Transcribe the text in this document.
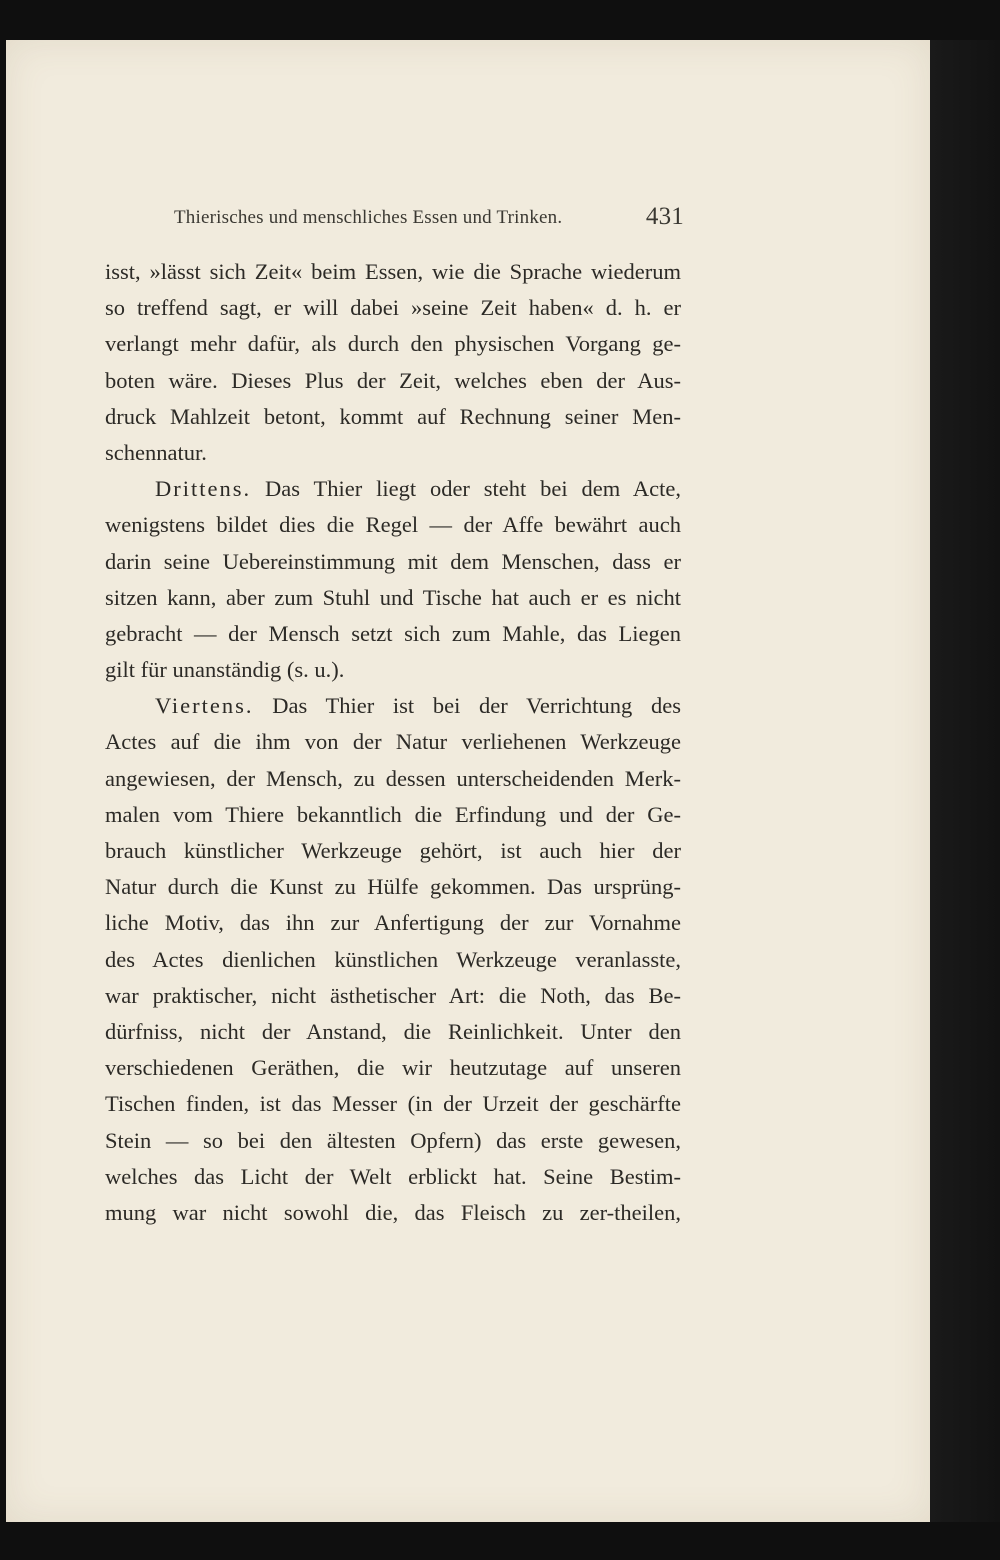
Thierisches und menschliches Essen und Trinken.	431
isst, »lässt sich Zeit« beim Essen, wie die Sprache wiederum
so treffend sagt, er will dabei »seine Zeit haben« d. h. er
verlangt mehr dafür, als durch den physischen Vorgang ge-
boten wäre. Dieses Plus der Zeit, welches eben der Aus-
druck Mahlzeit betont, kommt auf Rechnung seiner Men-
schennatur.
Drittens. Das Thier liegt oder steht bei dem Acte,
wenigstens bildet dies die Regel — der Affe bewährt auch
darin seine Uebereinstimmung mit dem Menschen, dass er
sitzen kann, aber zum Stuhl und Tische hat auch er es nicht
gebracht — der Mensch setzt sich zum Mahle, das Liegen
gilt für unanständig (s. u.).
Viertens. Das Thier ist bei der Verrichtung des
Actes auf die ihm von der Natur verliehenen Werkzeuge
angewiesen, der Mensch, zu dessen unterscheidenden Merk-
malen vom Thiere bekanntlich die Erfindung und der Ge-
brauch künstlicher Werkzeuge gehört, ist auch hier der
Natur durch die Kunst zu Hülfe gekommen. Das ursprüng-
liche Motiv, das ihn zur Anfertigung der zur Vornahme
des Actes dienlichen künstlichen Werkzeuge veranlasste,
war praktischer, nicht ästhetischer Art: die Noth, das Be-
dürfniss, nicht der Anstand, die Reinlichkeit. Unter den
verschiedenen Geräthen, die wir heutzutage auf unseren
Tischen finden, ist das Messer (in der Urzeit der geschärfte
Stein — so bei den ältesten Opfern) das erste gewesen,
welches das Licht der Welt erblickt hat. Seine Bestim-
mung war nicht sowohl die, das Fleisch zu zer-theilen,
